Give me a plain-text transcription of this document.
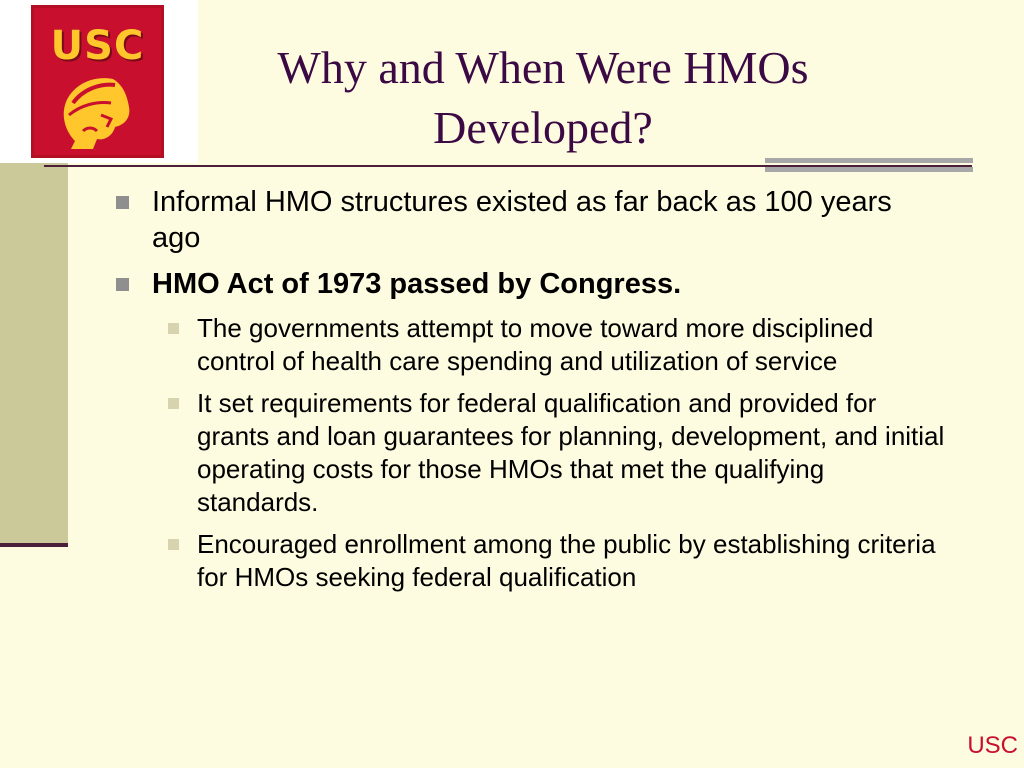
USC	Why and When Were HMOs
Developed?
Informal HMO structures existed as far back as 100 years ago
HMO Act of 1973 passed by Congress.
The governments attempt to move toward more disciplined control of health care spending and utilization of service
It set requirements for federal qualification and provided for grants and loan guarantees for planning, development, and initial operating costs for those HMOs that met the qualifying standards.
Encouraged enrollment among the public by establishing criteria for HMOs seeking federal qualification
USC
